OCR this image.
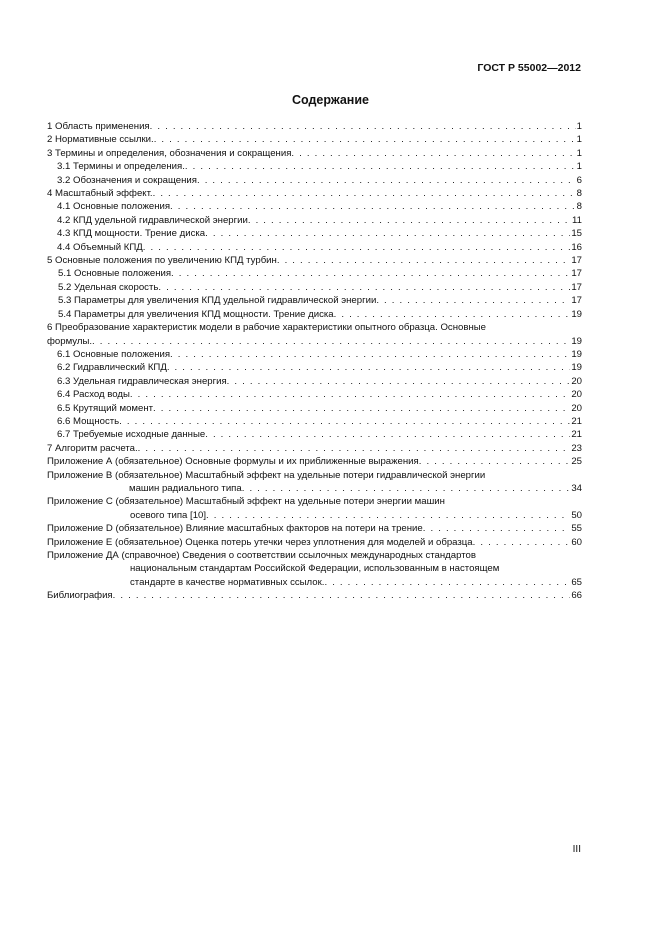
ГОСТ Р 55002—2012
Содержание
1 Область применения . . .	1
2 Нормативные ссылки. . . .	1
3 Термины и определения, обозначения и сокращения . . .	1
3.1 Термины и определения. . . .	1
3.2 Обозначения и сокращения . . .	6
4 Масштабный эффект. . . .	8
4.1 Основные положения . . .	8
4.2 КПД удельной гидравлической энергии . . .	11
4.3 КПД мощности. Трение диска . . .	15
4.4 Объемный КПД . . .	16
5 Основные положения по увеличению КПД турбин . . .	17
5.1 Основные положения . . .	17
5.2 Удельная скорость . . .	17
5.3 Параметры для увеличения КПД удельной гидравлической энергии . . .	17
5.4 Параметры для увеличения КПД мощности. Трение диска . . .	19
6 Преобразование характеристик модели в рабочие характеристики опытного образца. Основные
формулы. . . .	19
6.1 Основные положения . . .	19
6.2 Гидравлический КПД . . .	19
6.3 Удельная гидравлическая энергия . . .	20
6.4 Расход воды . . .	20
6.5 Крутящий момент . . .	20
6.6 Мощность . . .	21
6.7 Требуемые исходные данные . . .	21
7 Алгоритм расчета. . . .	23
Приложение А (обязательное) Основные формулы и их приближенные выражения . . .	25
Приложение В (обязательное) Масштабный эффект на удельные потери гидравлической энергии
машин радиального типа . . .	34
Приложение С (обязательное) Масштабный эффект на удельные потери энергии машин
осевого типа [10] . . .	50
Приложение D (обязательное) Влияние масштабных факторов на потери на трение . . .	55
Приложение Е (обязательное) Оценка потерь утечки через уплотнения для моделей и образца . . .	60
Приложение ДА (справочное) Сведения о соответствии ссылочных международных стандартов
национальным стандартам Российской Федерации, использованным в настоящем
стандарте в качестве нормативных ссылок. . . .	65
Библиография . . .	66
III
